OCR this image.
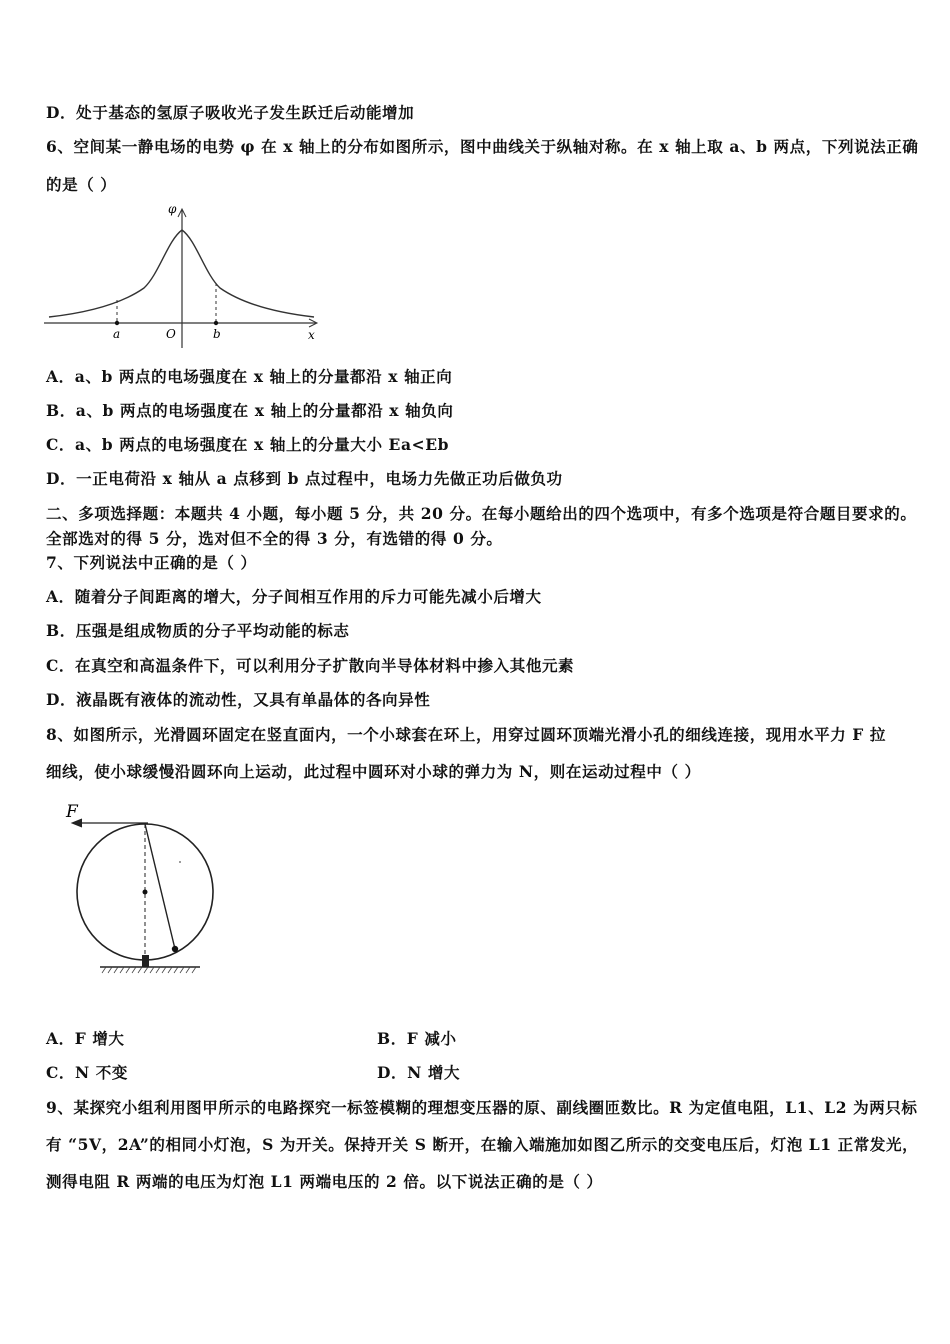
D．处于基态的氢原子吸收光子发生跃迁后动能增加
6、空间某一静电场的电势 φ 在 x 轴上的分布如图所示，图中曲线关于纵轴对称。在 x 轴上取 a、b 两点，下列说法正确
的是（ ）
φ
x
a	O	b
A．a、b 两点的电场强度在 x 轴上的分量都沿 x 轴正向
B．a、b 两点的电场强度在 x 轴上的分量都沿 x 轴负向
C．a、b 两点的电场强度在 x 轴上的分量大小 Ea<Eb
D．一正电荷沿 x 轴从 a 点移到 b 点过程中，电场力先做正功后做负功
二、多项选择题：本题共 4 小题，每小题 5 分，共 20 分。在每小题给出的四个选项中，有多个选项是符合题目要求的。
全部选对的得 5 分，选对但不全的得 3 分，有选错的得 0 分。
7、下列说法中正确的是（ ）
A．随着分子间距离的增大，分子间相互作用的斥力可能先减小后增大
B．压强是组成物质的分子平均动能的标志
C．在真空和高温条件下，可以利用分子扩散向半导体材料中掺入其他元素
D．液晶既有液体的流动性，又具有单晶体的各向异性
8、如图所示，光滑圆环固定在竖直面内，一个小球套在环上，用穿过圆环顶端光滑小孔的细线连接，现用水平力 F 拉
细线，使小球缓慢沿圆环向上运动，此过程中圆环对小球的弹力为 N，则在运动过程中（ ）
F
A．F 增大	B．F 减小
C．N 不变	D．N 增大
9、某探究小组利用图甲所示的电路探究一标签模糊的理想变压器的原、副线圈匝数比。R 为定值电阻，L1、L2 为两只标
有 “5V，2A”的相同小灯泡，S 为开关。保持开关 S 断开，在输入端施加如图乙所示的交变电压后，灯泡 L1 正常发光，
测得电阻 R 两端的电压为灯泡 L1 两端电压的 2 倍。以下说法正确的是（ ）
